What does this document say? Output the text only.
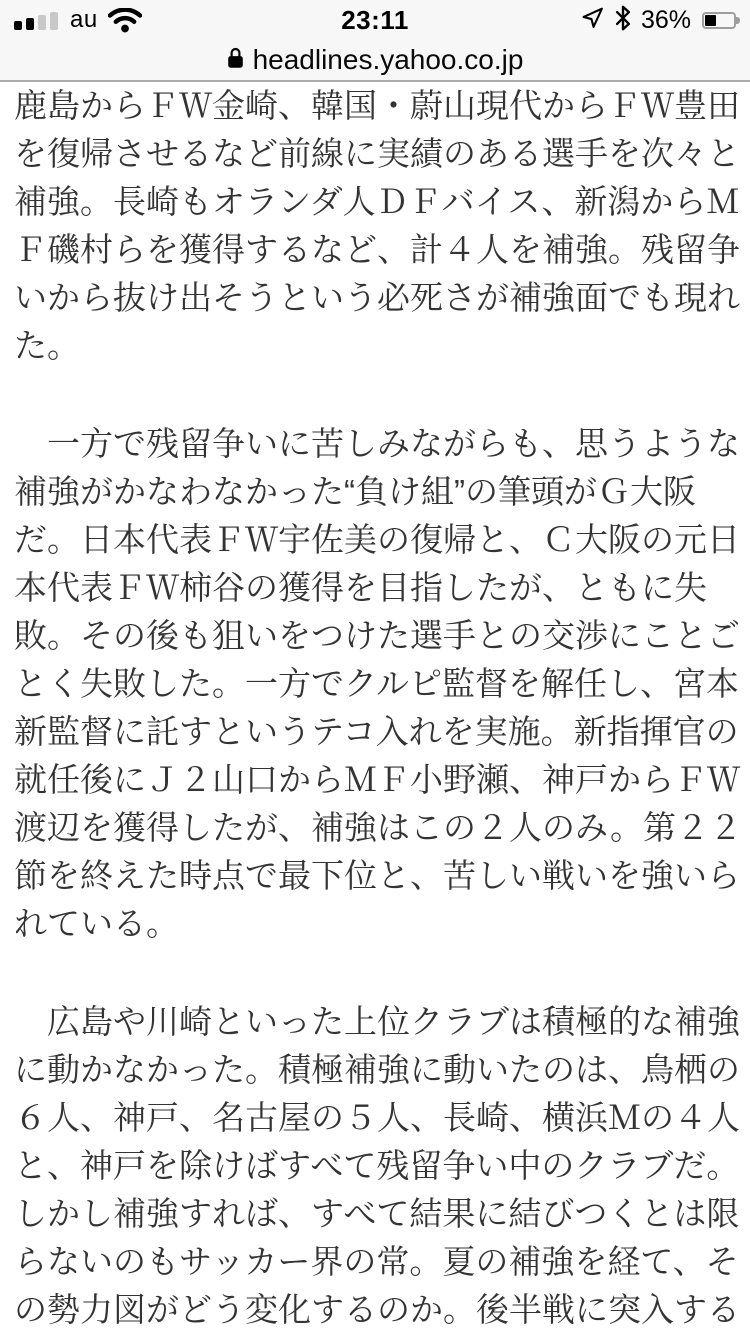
au	23:11	36%
headlines.yahoo.co.jp

鹿島からＦＷ金崎、韓国・蔚山現代からＦＷ豊田
を復帰させるなど前線に実績のある選手を次々と
補強。長崎もオランダ人ＤＦバイス、新潟からＭ
Ｆ磯村らを獲得するなど、計４人を補強。残留争
いから抜け出そうという必死さが補強面でも現れ
た。

　一方で残留争いに苦しみながらも、思うような
補強がかなわなかった“負け組”の筆頭がＧ大阪
だ。日本代表ＦＷ宇佐美の復帰と、Ｃ大阪の元日
本代表ＦＷ柿谷の獲得を目指したが、ともに失
敗。その後も狙いをつけた選手との交渉にことご
とく失敗した。一方でクルピ監督を解任し、宮本
新監督に託すというテコ入れを実施。新指揮官の
就任後にＪ２山口からＭＦ小野瀬、神戸からＦＷ
渡辺を獲得したが、補強はこの２人のみ。第２２
節を終えた時点で最下位と、苦しい戦いを強いら
れている。

　広島や川崎といった上位クラブは積極的な補強
に動かなかった。積極補強に動いたのは、鳥栖の
６人、神戸、名古屋の５人、長崎、横浜Ｍの４人
と、神戸を除けばすべて残留争い中のクラブだ。
しかし補強すれば、すべて結果に結びつくとは限
らないのもサッカー界の常。夏の補強を経て、そ
の勢力図がどう変化するのか。後半戦に突入する
